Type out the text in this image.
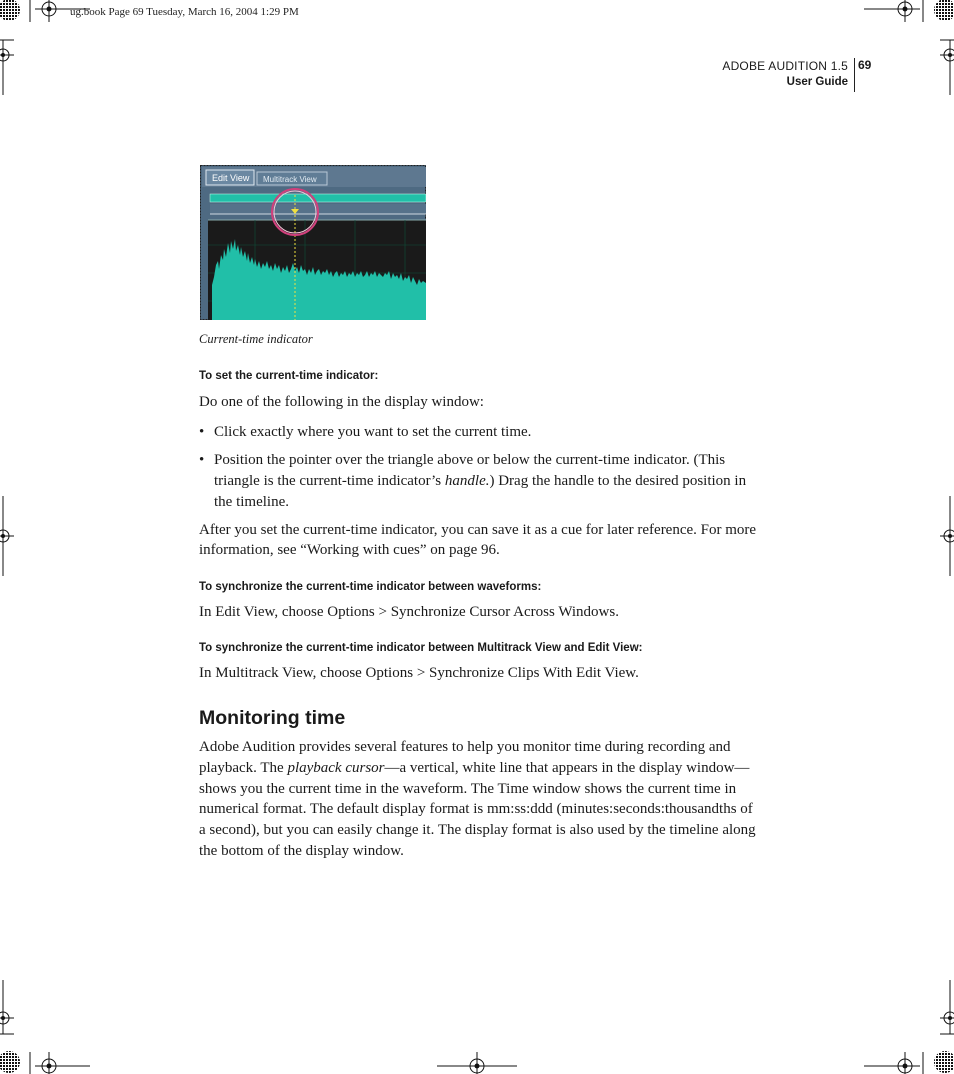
ug.book Page 69 Tuesday, March 16, 2004 1:29 PM
ADOBE AUDITION 1.5
User Guide
69
Edit View Multitrack View
Current-time indicator

To set the current-time indicator:

Do one of the following in the display window:

• Click exactly where you want to set the current time.
• Position the pointer over the triangle above or below the current-time indicator. (This triangle is the current-time indicator’s handle.) Drag the handle to the desired position in the timeline.

After you set the current-time indicator, you can save it as a cue for later reference. For more information, see “Working with cues” on page 96.

To synchronize the current-time indicator between waveforms:

In Edit View, choose Options > Synchronize Cursor Across Windows.

To synchronize the current-time indicator between Multitrack View and Edit View:

In Multitrack View, choose Options > Synchronize Clips With Edit View.

Monitoring time

Adobe Audition provides several features to help you monitor time during recording and playback. The playback cursor—a vertical, white line that appears in the display window—shows you the current time in the waveform. The Time window shows the current time in numerical format. The default display format is mm:ss:ddd (minutes:seconds:thousandths of a second), but you can easily change it. The display format is also used by the timeline along the bottom of the display window.
